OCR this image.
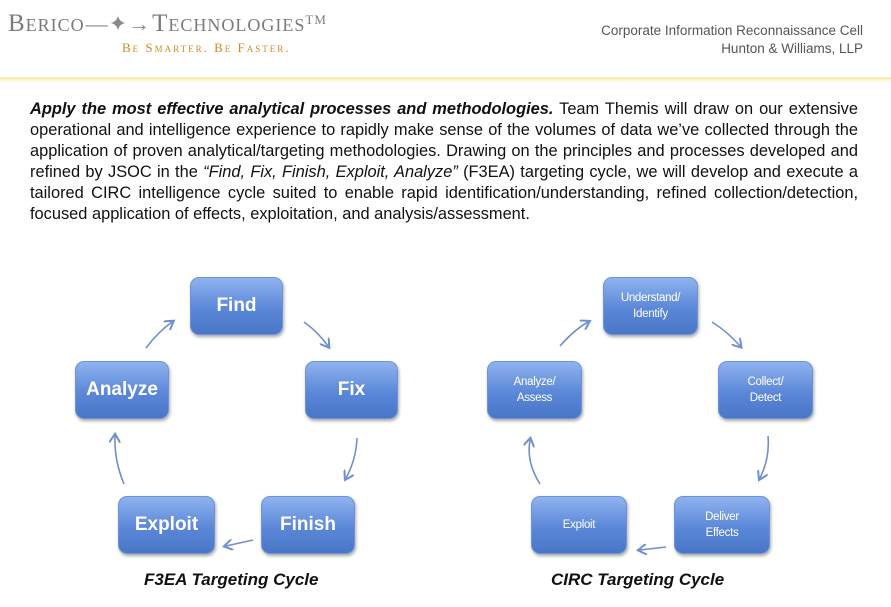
Berico—✦→Technologies™
Be Smarter. Be Faster.
Corporate Information Reconnaissance Cell
Hunton & Williams, LLP
Apply the most effective analytical processes and methodologies. Team Themis will draw on our extensive operational and intelligence experience to rapidly make sense of the volumes of data we’ve collected through the application of proven analytical/targeting methodologies. Drawing on the principles and processes developed and refined by JSOC in the “Find, Fix, Finish, Exploit, Analyze” (F3EA) targeting cycle, we will develop and execute a tailored CIRC intelligence cycle suited to enable rapid identification/understanding, refined collection/detection, focused application of effects, exploitation, and analysis/assessment.
Find
Fix
Finish
Exploit
Analyze
F3EA Targeting Cycle
Understand/
Identify
Collect/
Detect
Deliver
Effects
Exploit
Analyze/
Assess
CIRC Targeting Cycle
